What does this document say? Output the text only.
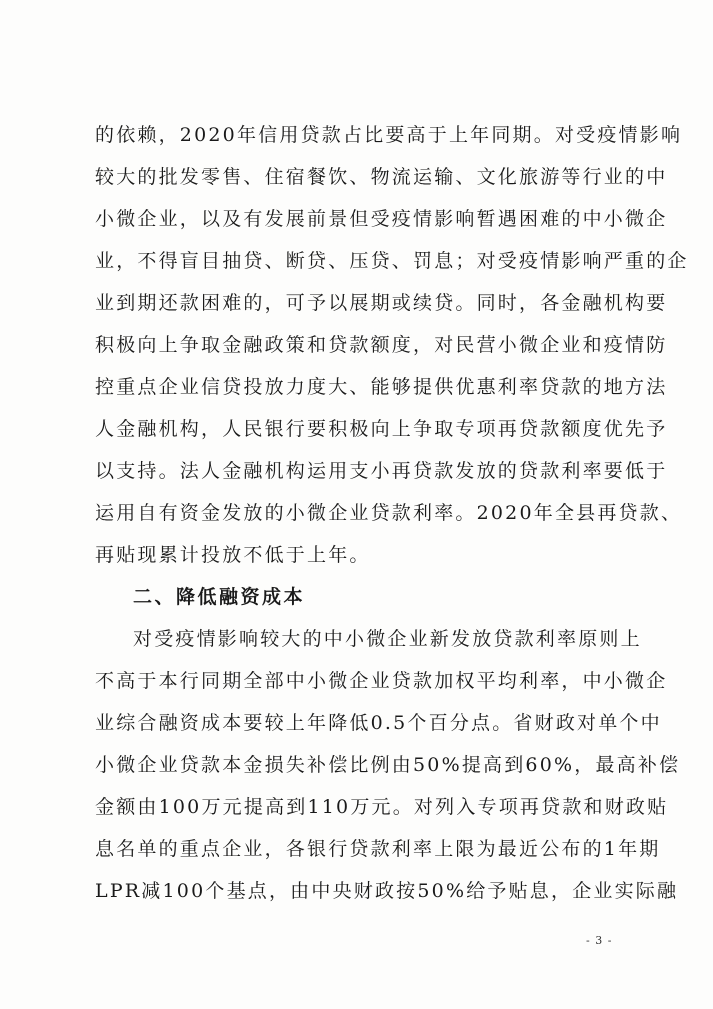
的依赖，2020年信用贷款占比要高于上年同期。对受疫情影响
较大的批发零售、住宿餐饮、物流运输、文化旅游等行业的中
小微企业，以及有发展前景但受疫情影响暂遇困难的中小微企
业，不得盲目抽贷、断贷、压贷、罚息；对受疫情影响严重的企
业到期还款困难的，可予以展期或续贷。同时，各金融机构要
积极向上争取金融政策和贷款额度，对民营小微企业和疫情防
控重点企业信贷投放力度大、能够提供优惠利率贷款的地方法
人金融机构，人民银行要积极向上争取专项再贷款额度优先予
以支持。法人金融机构运用支小再贷款发放的贷款利率要低于
运用自有资金发放的小微企业贷款利率。2020年全县再贷款、
再贴现累计投放不低于上年。
二、降低融资成本
对受疫情影响较大的中小微企业新发放贷款利率原则上
不高于本行同期全部中小微企业贷款加权平均利率，中小微企
业综合融资成本要较上年降低0.5个百分点。省财政对单个中
小微企业贷款本金损失补偿比例由50%提高到60%，最高补偿
金额由100万元提高到110万元。对列入专项再贷款和财政贴
息名单的重点企业，各银行贷款利率上限为最近公布的1年期
LPR减100个基点，由中央财政按50%给予贴息，企业实际融
- 3 -
